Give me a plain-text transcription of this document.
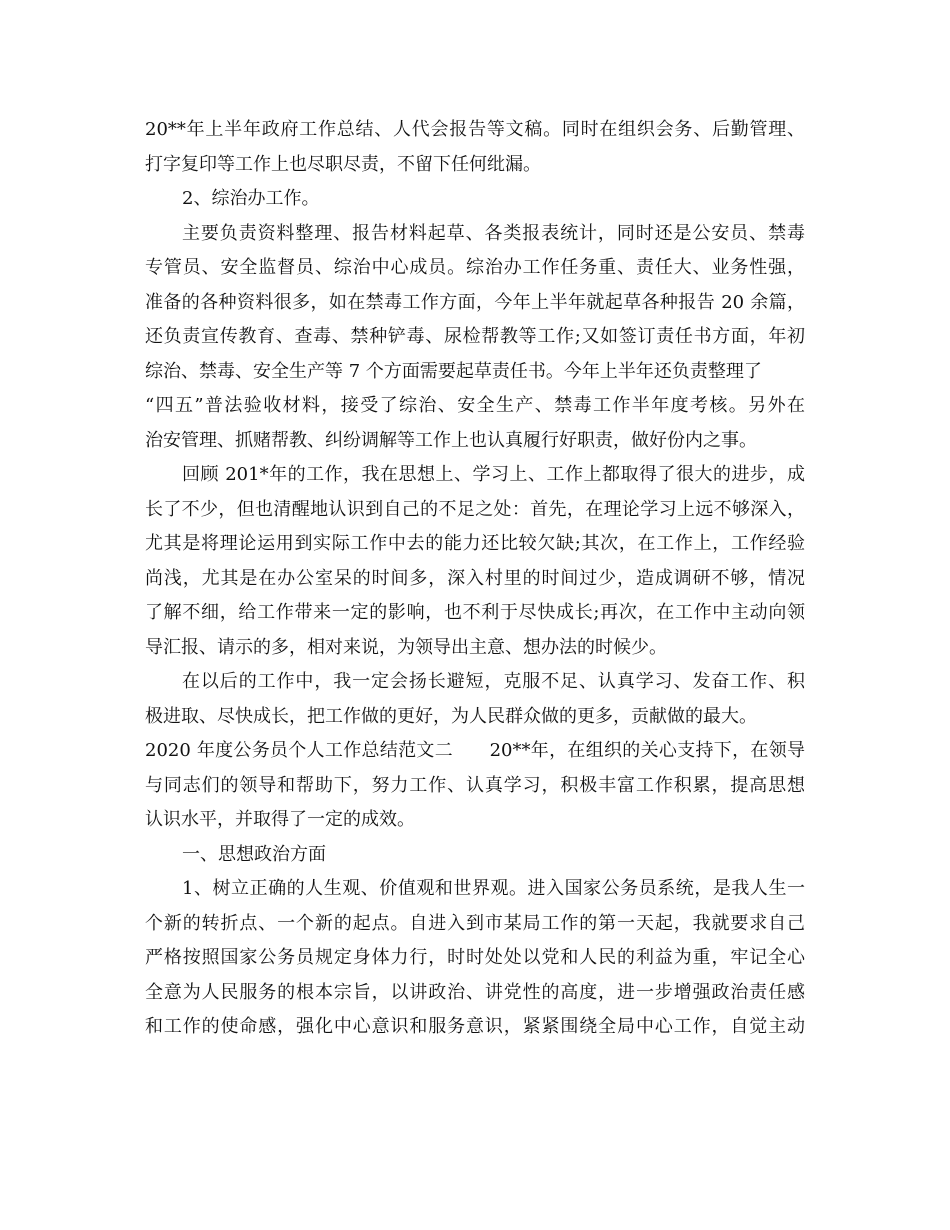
20**年上半年政府工作总结、人代会报告等文稿。同时在组织会务、后勤管理、
打字复印等工作上也尽职尽责，不留下任何纰漏。
2、综治办工作。
主要负责资料整理、报告材料起草、各类报表统计，同时还是公安员、禁毒
专管员、安全监督员、综治中心成员。综治办工作任务重、责任大、业务性强，
准备的各种资料很多，如在禁毒工作方面，今年上半年就起草各种报告 20 余篇，
还负责宣传教育、查毒、禁种铲毒、尿检帮教等工作;又如签订责任书方面，年初
综治、禁毒、安全生产等 7 个方面需要起草责任书。今年上半年还负责整理了
“四五”普法验收材料，接受了综治、安全生产、禁毒工作半年度考核。另外在
治安管理、抓赌帮教、纠纷调解等工作上也认真履行好职责，做好份内之事。
回顾 201*年的工作，我在思想上、学习上、工作上都取得了很大的进步，成
长了不少，但也清醒地认识到自己的不足之处：首先，在理论学习上远不够深入，
尤其是将理论运用到实际工作中去的能力还比较欠缺;其次，在工作上，工作经验
尚浅，尤其是在办公室呆的时间多，深入村里的时间过少，造成调研不够，情况
了解不细，给工作带来一定的影响，也不利于尽快成长;再次，在工作中主动向领
导汇报、请示的多，相对来说，为领导出主意、想办法的时候少。
在以后的工作中，我一定会扬长避短，克服不足、认真学习、发奋工作、积
极进取、尽快成长，把工作做的更好，为人民群众做的更多，贡献做的最大。
2020 年度公务员个人工作总结范文二　　20**年，在组织的关心支持下，在领导
与同志们的领导和帮助下，努力工作、认真学习，积极丰富工作积累，提高思想
认识水平，并取得了一定的成效。
一、思想政治方面
1、树立正确的人生观、价值观和世界观。进入国家公务员系统，是我人生一
个新的转折点、一个新的起点。自进入到市某局工作的第一天起，我就要求自己
严格按照国家公务员规定身体力行，时时处处以党和人民的利益为重，牢记全心
全意为人民服务的根本宗旨，以讲政治、讲党性的高度，进一步增强政治责任感
和工作的使命感，强化中心意识和服务意识，紧紧围绕全局中心工作，自觉主动
